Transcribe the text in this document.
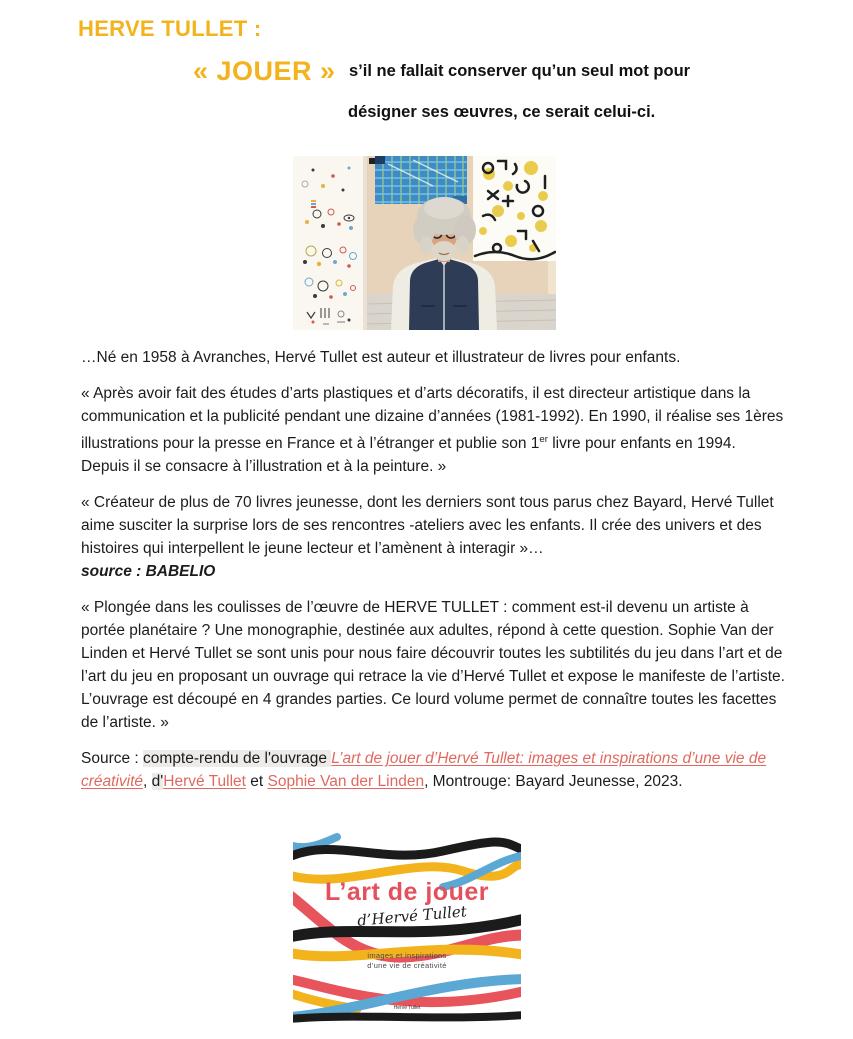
HERVE TULLET :
« JOUER » s’il ne fallait conserver qu’un seul mot pour
désigner ses œuvres, ce serait celui-ci.

…Né en 1958 à Avranches, Hervé Tullet est auteur et illustrateur de livres pour enfants.

« Après avoir fait des études d’arts plastiques et d’arts décoratifs, il est directeur artistique dans la communication et la publicité pendant une dizaine d’années (1981-1992). En 1990, il réalise ses 1ères illustrations pour la presse en France et à l’étranger et publie son 1er livre pour enfants en 1994. Depuis il se consacre à l’illustration et à la peinture. »

« Créateur de plus de 70 livres jeunesse, dont les derniers sont tous parus chez Bayard, Hervé Tullet aime susciter la surprise lors de ses rencontres -ateliers avec les enfants. Il crée des univers et des histoires qui interpellent le jeune lecteur et l’amènent à interagir »…
source : BABELIO

« Plongée dans les coulisses de l’œuvre de HERVE TULLET : comment est-il devenu un artiste à portée planétaire ? Une monographie, destinée aux adultes, répond à cette question. Sophie Van der Linden et Hervé Tullet se sont unis pour nous faire découvrir toutes les subtilités du jeu dans l’art et de l’art du jeu en proposant un ouvrage qui retrace la vie d’Hervé Tullet et expose le manifeste de l’artiste. L’ouvrage est découpé en 4 grandes parties. Ce lourd volume permet de connaître toutes les facettes de l’artiste. »

Source : compte-rendu de l'ouvrage L’art de jouer d’Hervé Tullet: images et inspirations d’une vie de créativité, d'Hervé Tullet et Sophie Van der Linden, Montrouge: Bayard Jeunesse, 2023.

L’art de jouer
d’Hervé Tullet
images et inspirations
d’une vie de créativité
Hervé Tullet
